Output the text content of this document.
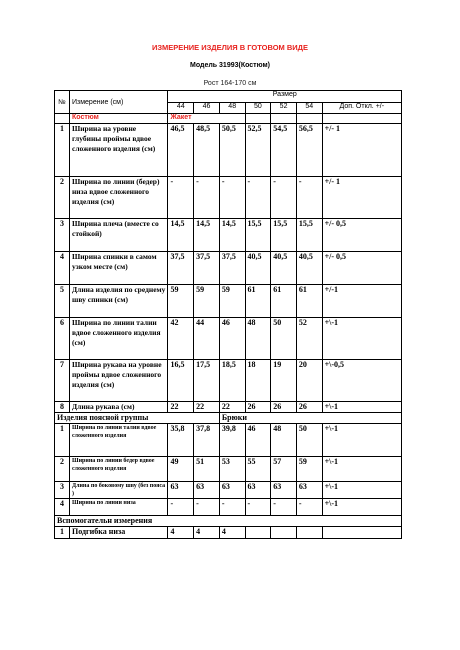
ИЗМЕРЕНИЕ ИЗДЕЛИЯ В ГОТОВОМ ВИДЕ
Модель 31993(Костюм)
Рост 164-170 см
№	Измерение (см)	Размер						
		44	46	48	50	52	54	Доп. Откл. +/-
	Костюм	Жакет						
1	Ширина на уровне глубины проймы вдвое сложенного изделия (см)	46,5	48,5	50,5	52,5	54,5	56,5	+/- 1
2	Ширина по линии (бедер) низа вдвое сложенного изделия (см)	-	-	-	-	-	-	+/- 1
3	Ширина плеча (вместе со стойкой)	14,5	14,5	14,5	15,5	15,5	15,5	+/- 0,5
4	Ширина спинки в самом узком месте (см)	37,5	37,5	37,5	40,5	40,5	40,5	+/- 0,5
5	Длина изделия по среднему шву спинки (см)	59	59	59	61	61	61	+/-1
6	Ширина по линии талии вдвое сложенного изделия (см)	42	44	46	48	50	52	+\-1
7	Ширина рукава на уровне проймы вдвое сложенного изделия (см)	16,5	17,5	18,5	18	19	20	+\-0,5
8	Длина рукава (см)	22	22	22	26	26	26	+\-1
Изделия поясной группы				Брюки				
1	Ширина по линии талии вдвое сложенного изделия	35,8	37,8	39,8	46	48	50	+\-1
2	Ширина по линии бедер вдвое сложенного изделия	49	51	53	55	57	59	+\-1
3	Длина по боковому шву (без пояса )	63	63	63	63	63	63	+\-1
4	Ширина по линии низа	-	-	-	-	-	-	+\-1
Вспомогательн измерения								
1	Подгибка низа	4	4	4				
